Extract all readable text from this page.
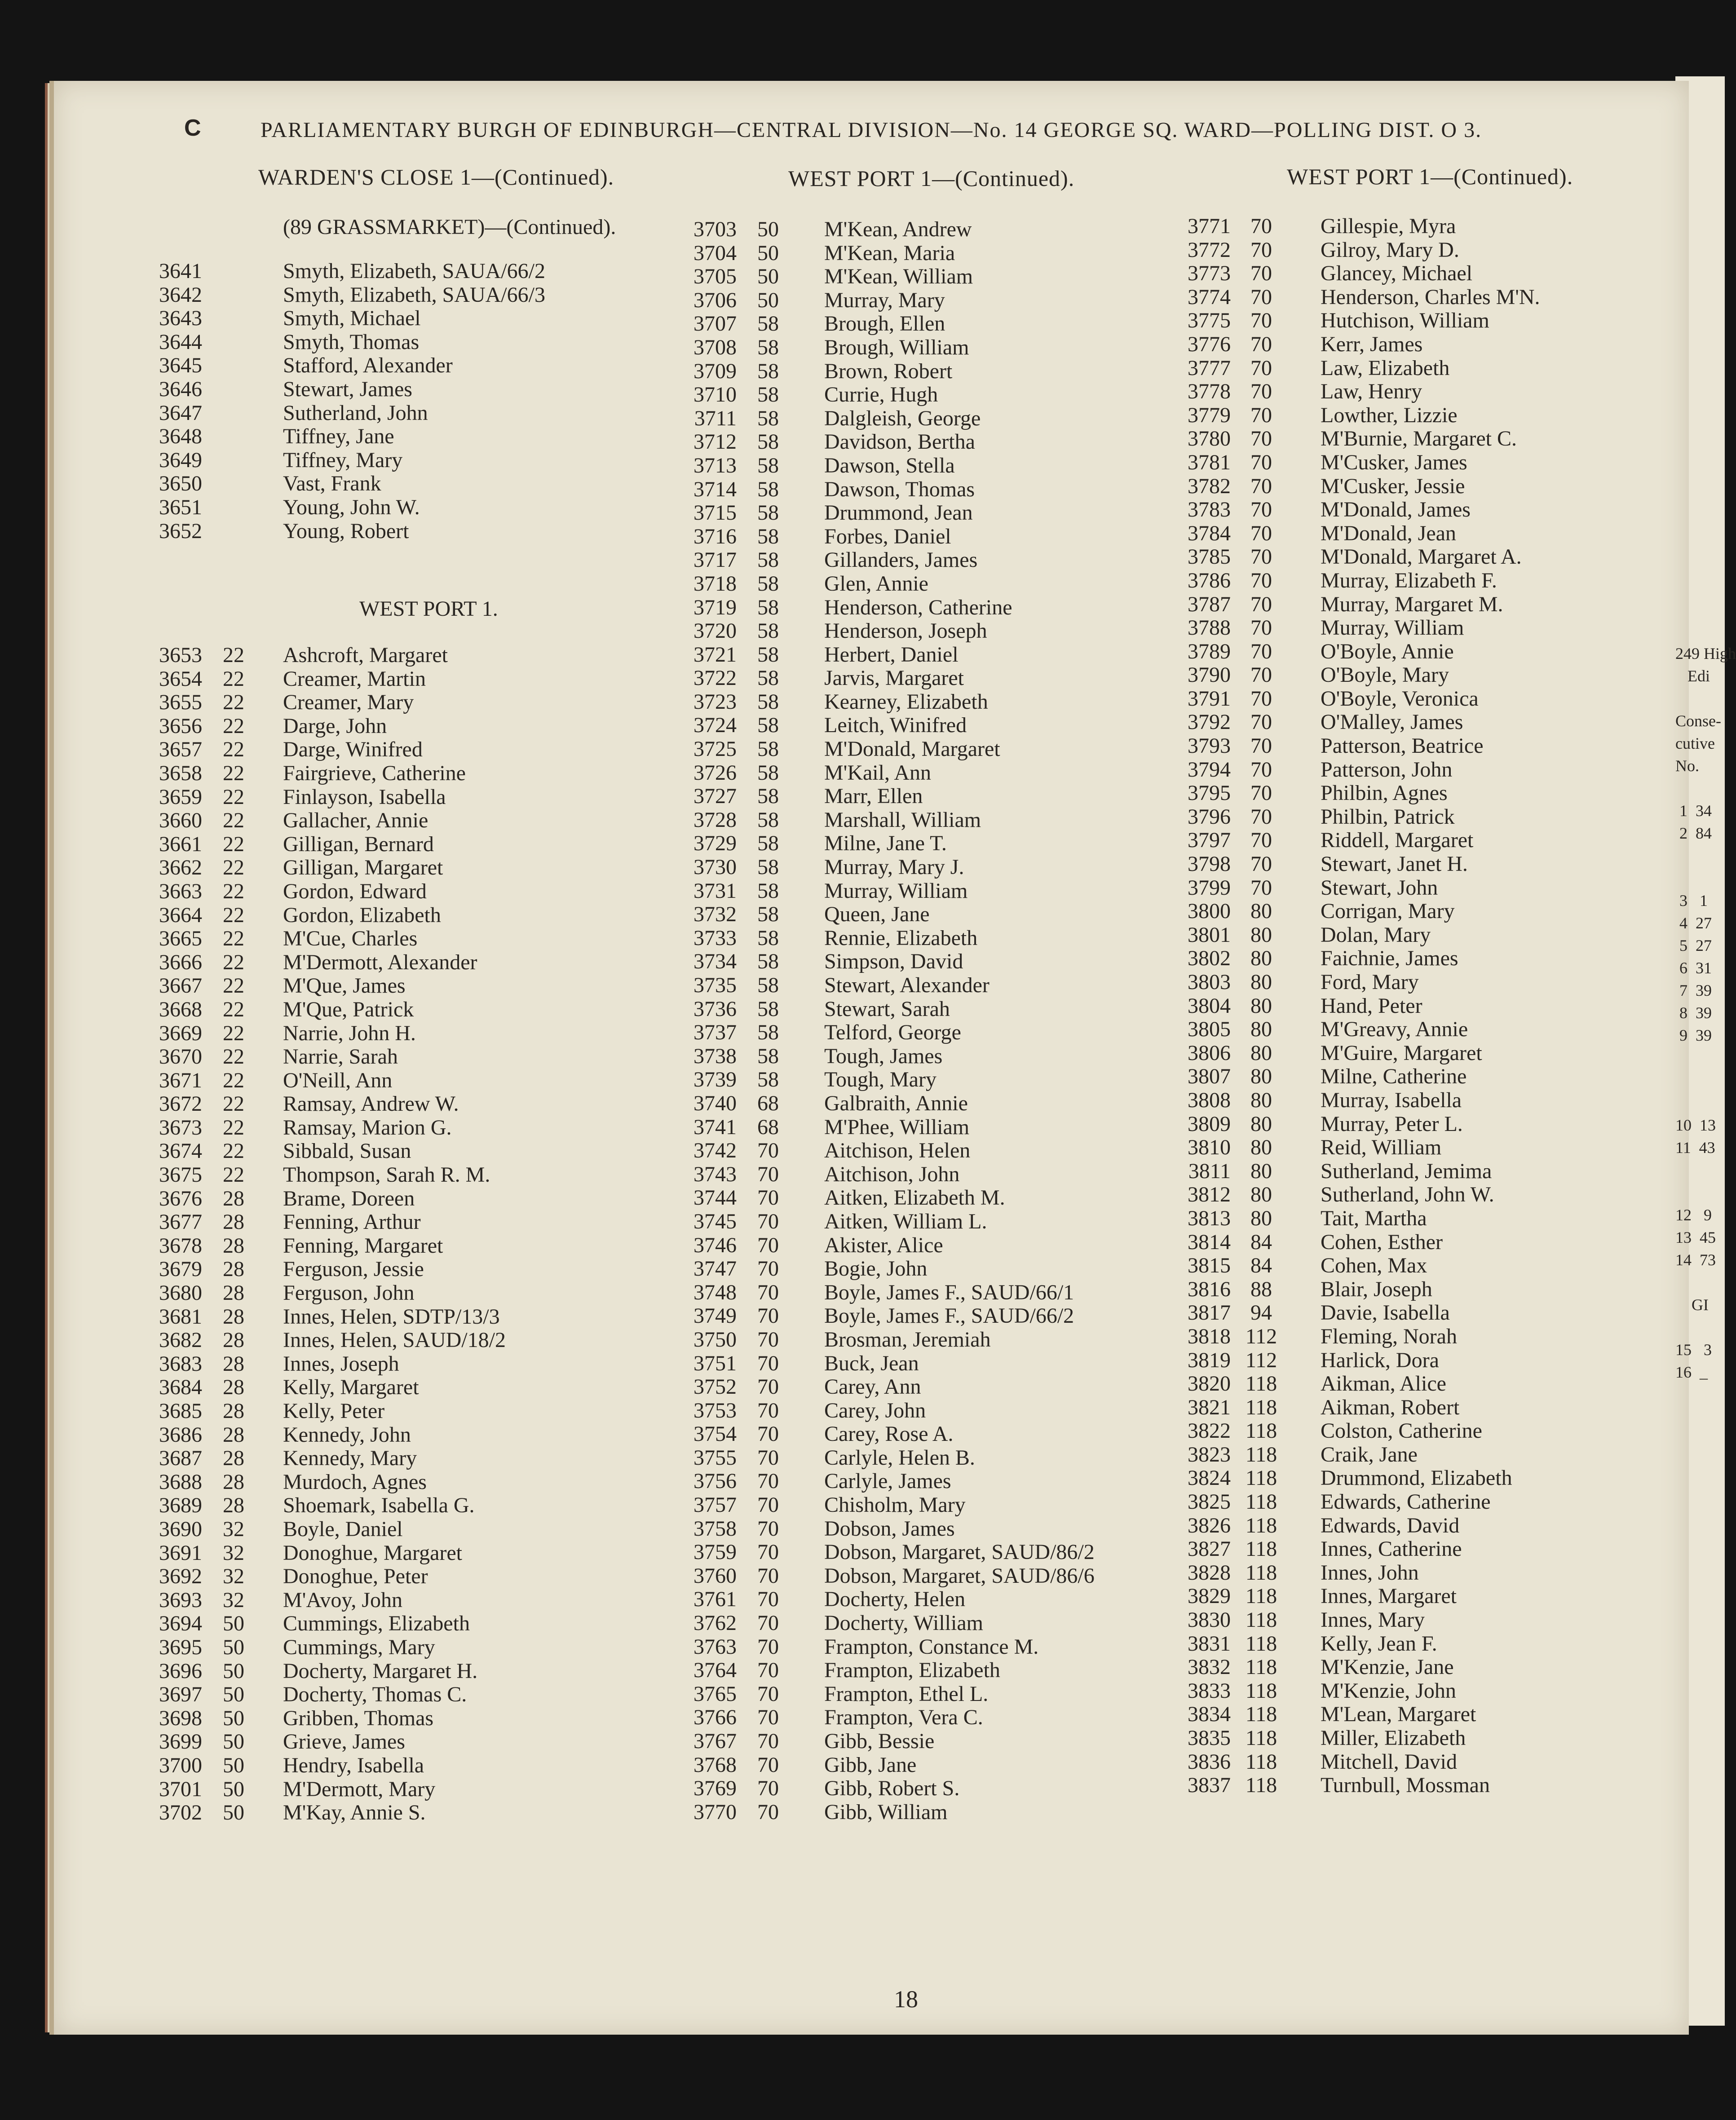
C	PARLIAMENTARY BURGH OF EDINBURGH—CENTRAL DIVISION—No. 14 GEORGE SQ. WARD—POLLING DIST. O 3.
WARDEN'S CLOSE 1—(Continued).	WEST PORT 1—(Continued).	WEST PORT 1—(Continued).
(89 GRASSMARKET)—(Continued).
3641	Smyth, Elizabeth, SAUA/66/2
3642	Smyth, Elizabeth, SAUA/66/3
3643	Smyth, Michael
3644	Smyth, Thomas
3645	Stafford, Alexander
3646	Stewart, James
3647	Sutherland, John
3648	Tiffney, Jane
3649	Tiffney, Mary
3650	Vast, Frank
3651	Young, John W.
3652	Young, Robert
WEST PORT 1.
3653 22 Ashcroft, Margaret
3654 22 Creamer, Martin
3655 22 Creamer, Mary
3656 22 Darge, John
3657 22 Darge, Winifred
3658 22 Fairgrieve, Catherine
3659 22 Finlayson, Isabella
3660 22 Gallacher, Annie
3661 22 Gilligan, Bernard
3662 22 Gilligan, Margaret
3663 22 Gordon, Edward
3664 22 Gordon, Elizabeth
3665 22 M'Cue, Charles
3666 22 M'Dermott, Alexander
3667 22 M'Que, James
3668 22 M'Que, Patrick
3669 22 Narrie, John H.
3670 22 Narrie, Sarah
3671 22 O'Neill, Ann
3672 22 Ramsay, Andrew W.
3673 22 Ramsay, Marion G.
3674 22 Sibbald, Susan
3675 22 Thompson, Sarah R. M.
3676 28 Brame, Doreen
3677 28 Fenning, Arthur
3678 28 Fenning, Margaret
3679 28 Ferguson, Jessie
3680 28 Ferguson, John
3681 28 Innes, Helen, SDTP/13/3
3682 28 Innes, Helen, SAUD/18/2
3683 28 Innes, Joseph
3684 28 Kelly, Margaret
3685 28 Kelly, Peter
3686 28 Kennedy, John
3687 28 Kennedy, Mary
3688 28 Murdoch, Agnes
3689 28 Shoemark, Isabella G.
3690 32 Boyle, Daniel
3691 32 Donoghue, Margaret
3692 32 Donoghue, Peter
3693 32 M'Avoy, John
3694 50 Cummings, Elizabeth
3695 50 Cummings, Mary
3696 50 Docherty, Margaret H.
3697 50 Docherty, Thomas C.
3698 50 Gribben, Thomas
3699 50 Grieve, James
3700 50 Hendry, Isabella
3701 50 M'Dermott, Mary
3702 50 M'Kay, Annie S.
3703 50	M'Kean, Andrew
3704 50	M'Kean, Maria
3705 50	M'Kean, William
3706 50	Murray, Mary
3707 58	Brough, Ellen
3708 58	Brough, William
3709 58	Brown, Robert
3710 58	Currie, Hugh
3711 58	Dalgleish, George
3712 58	Davidson, Bertha
3713 58	Dawson, Stella
3714 58	Dawson, Thomas
3715 58	Drummond, Jean
3716 58	Forbes, Daniel
3717 58	Gillanders, James
3718 58	Glen, Annie
3719 58	Henderson, Catherine
3720 58	Henderson, Joseph
3721 58	Herbert, Daniel
3722 58	Jarvis, Margaret
3723 58	Kearney, Elizabeth
3724 58	Leitch, Winifred
3725 58	M'Donald, Margaret
3726 58	M'Kail, Ann
3727 58	Marr, Ellen
3728 58	Marshall, William
3729 58	Milne, Jane T.
3730 58	Murray, Mary J.
3731 58	Murray, William
3732 58	Queen, Jane
3733 58	Rennie, Elizabeth
3734 58	Simpson, David
3735 58	Stewart, Alexander
3736 58	Stewart, Sarah
3737 58	Telford, George
3738 58	Tough, James
3739 58	Tough, Mary
3740 68	Galbraith, Annie
3741 68	M'Phee, William
3742 70	Aitchison, Helen
3743 70	Aitchison, John
3744 70	Aitken, Elizabeth M.
3745 70	Aitken, William L.
3746 70	Akister, Alice
3747 70	Bogie, John
3748 70	Boyle, James F., SAUD/66/1
3749 70	Boyle, James F., SAUD/66/2
3750 70	Brosman, Jeremiah
3751 70	Buck, Jean
3752 70	Carey, Ann
3753 70	Carey, John
3754 70	Carey, Rose A.
3755 70	Carlyle, Helen B.
3756 70	Carlyle, James
3757 70	Chisholm, Mary
3758 70	Dobson, James
3759 70	Dobson, Margaret, SAUD/86/2
3760 70	Dobson, Margaret, SAUD/86/6
3761 70	Docherty, Helen
3762 70	Docherty, William
3763 70	Frampton, Constance M.
3764 70	Frampton, Elizabeth
3765 70	Frampton, Ethel L.
3766 70	Frampton, Vera C.
3767 70	Gibb, Bessie
3768 70	Gibb, Jane
3769 70	Gibb, Robert S.
3770 70	Gibb, William
3771 70	Gillespie, Myra
3772 70	Gilroy, Mary D.
3773 70	Glancey, Michael
3774 70	Henderson, Charles M'N.
3775 70	Hutchison, William
3776 70	Kerr, James
3777 70	Law, Elizabeth
3778 70	Law, Henry
3779 70	Lowther, Lizzie
3780 70	M'Burnie, Margaret C.
3781 70	M'Cusker, James
3782 70	M'Cusker, Jessie
3783 70	M'Donald, James
3784 70	M'Donald, Jean
3785 70	M'Donald, Margaret A.
3786 70	Murray, Elizabeth F.
3787 70	Murray, Margaret M.
3788 70	Murray, William
3789 70	O'Boyle, Annie
3790 70	O'Boyle, Mary
3791 70	O'Boyle, Veronica
3792 70	O'Malley, James
3793 70	Patterson, Beatrice
3794 70	Patterson, John
3795 70	Philbin, Agnes
3796 70	Philbin, Patrick
3797 70	Riddell, Margaret
3798 70	Stewart, Janet H.
3799 70	Stewart, John
3800 80	Corrigan, Mary
3801 80	Dolan, Mary
3802 80	Faichnie, James
3803 80	Ford, Mary
3804 80	Hand, Peter
3805 80	M'Greavy, Annie
3806 80	M'Guire, Margaret
3807 80	Milne, Catherine
3808 80	Murray, Isabella
3809 80	Murray, Peter L.
3810 80	Reid, William
3811 80	Sutherland, Jemima
3812 80	Sutherland, John W.
3813 80	Tait, Martha
3814 84	Cohen, Esther
3815 84	Cohen, Max
3816 88	Blair, Joseph
3817 94	Davie, Isabella
3818 112	Fleming, Norah
3819 112	Harlick, Dora
3820 118	Aikman, Alice
3821 118	Aikman, Robert
3822 118	Colston, Catherine
3823 118	Craik, Jane
3824 118	Drummond, Elizabeth
3825 118	Edwards, Catherine
3826 118	Edwards, David
3827 118	Innes, Catherine
3828 118	Innes, John
3829 118	Innes, Margaret
3830 118	Innes, Mary
3831 118	Kelly, Jean F.
3832 118	M'Kenzie, Jane
3833 118	M'Kenzie, John
3834 118	M'Lean, Margaret
3835 118	Miller, Elizabeth
3836 118	Mitchell, David
3837 118	Turnbull, Mossman
18
249 High
Edi

Conse-
cutive
No.

1  34
2  84

3   1
4  27
5  27
6  31
7  39
8  39
9  39

10  13
11  43

12   9
13  45
14  73

GI

15   3
16  _
